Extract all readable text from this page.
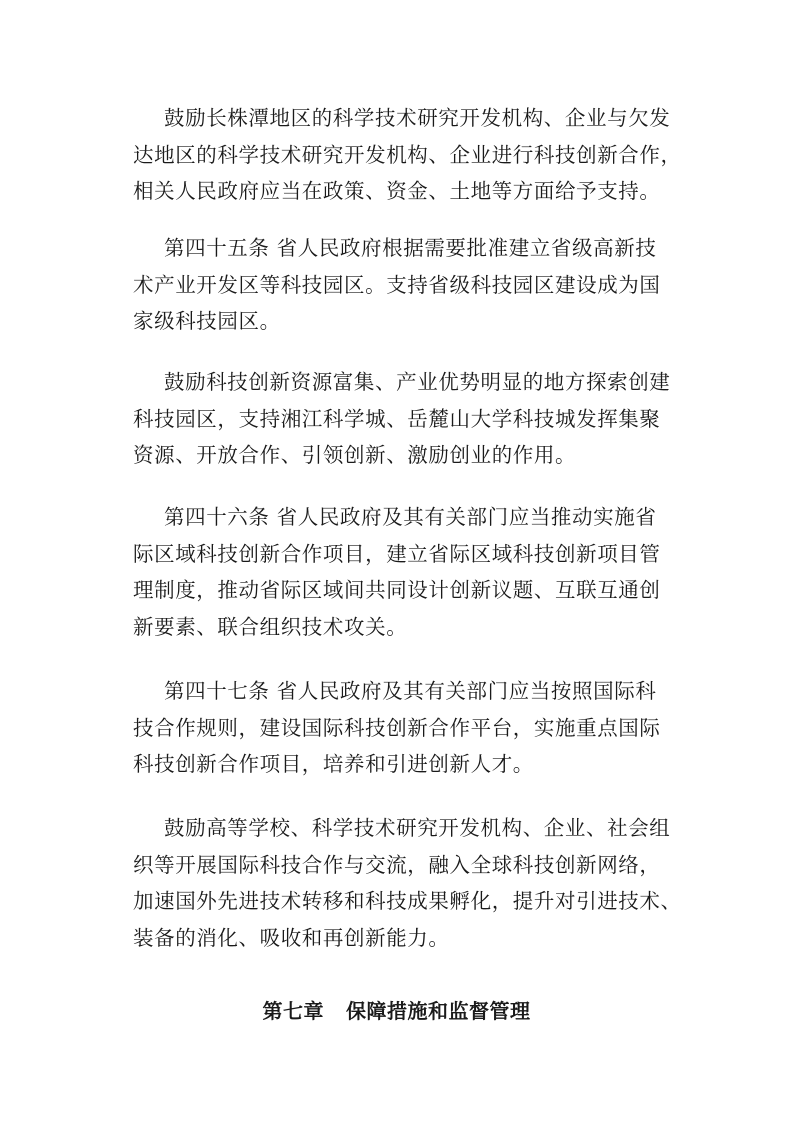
鼓励长株潭地区的科学技术研究开发机构、企业与欠发
达地区的科学技术研究开发机构、企业进行科技创新合作，
相关人民政府应当在政策、资金、土地等方面给予支持。

第四十五条 省人民政府根据需要批准建立省级高新技
术产业开发区等科技园区。支持省级科技园区建设成为国
家级科技园区。

鼓励科技创新资源富集、产业优势明显的地方探索创建
科技园区，支持湘江科学城、岳麓山大学科技城发挥集聚
资源、开放合作、引领创新、激励创业的作用。

第四十六条 省人民政府及其有关部门应当推动实施省
际区域科技创新合作项目，建立省际区域科技创新项目管
理制度，推动省际区域间共同设计创新议题、互联互通创
新要素、联合组织技术攻关。

第四十七条 省人民政府及其有关部门应当按照国际科
技合作规则，建设国际科技创新合作平台，实施重点国际
科技创新合作项目，培养和引进创新人才。

鼓励高等学校、科学技术研究开发机构、企业、社会组
织等开展国际科技合作与交流，融入全球科技创新网络，
加速国外先进技术转移和科技成果孵化，提升对引进技术、
装备的消化、吸收和再创新能力。

第七章 保障措施和监督管理
